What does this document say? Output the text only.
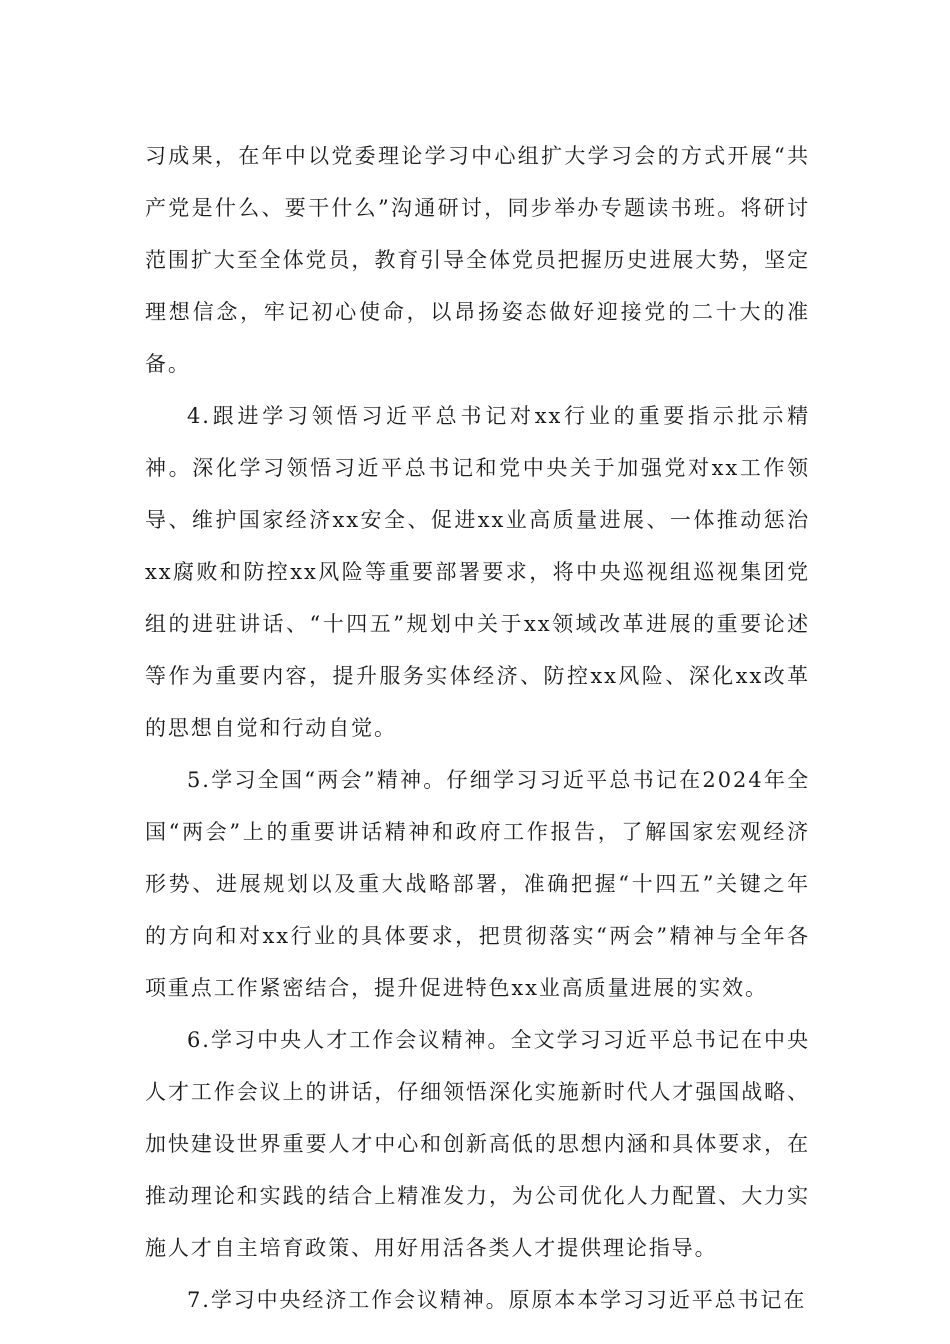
习成果，在年中以党委理论学习中心组扩大学习会的方式开展“共产党是什么、要干什么”沟通研讨，同步举办专题读书班。将研讨范围扩大至全体党员，教育引导全体党员把握历史进展大势，坚定理想信念，牢记初心使命，以昂扬姿态做好迎接党的二十大的准备。

4.跟进学习领悟习近平总书记对xx行业的重要指示批示精神。深化学习领悟习近平总书记和党中央关于加强党对xx工作领导、维护国家经济xx安全、促进xx业高质量进展、一体推动惩治xx腐败和防控xx风险等重要部署要求，将中央巡视组巡视集团党组的进驻讲话、“十四五”规划中关于xx领域改革进展的重要论述等作为重要内容，提升服务实体经济、防控xx风险、深化xx改革的思想自觉和行动自觉。

5.学习全国“两会”精神。仔细学习习近平总书记在2024年全国“两会”上的重要讲话精神和政府工作报告，了解国家宏观经济形势、进展规划以及重大战略部署，准确把握“十四五”关键之年的方向和对xx行业的具体要求，把贯彻落实“两会”精神与全年各项重点工作紧密结合，提升促进特色xx业高质量进展的实效。

6.学习中央人才工作会议精神。全文学习习近平总书记在中央人才工作会议上的讲话，仔细领悟深化实施新时代人才强国战略、加快建设世界重要人才中心和创新高低的思想内涵和具体要求，在推动理论和实践的结合上精准发力，为公司优化人力配置、大力实施人才自主培育政策、用好用活各类人才提供理论指导。

7.学习中央经济工作会议精神。原原本本学习习近平总书记在
